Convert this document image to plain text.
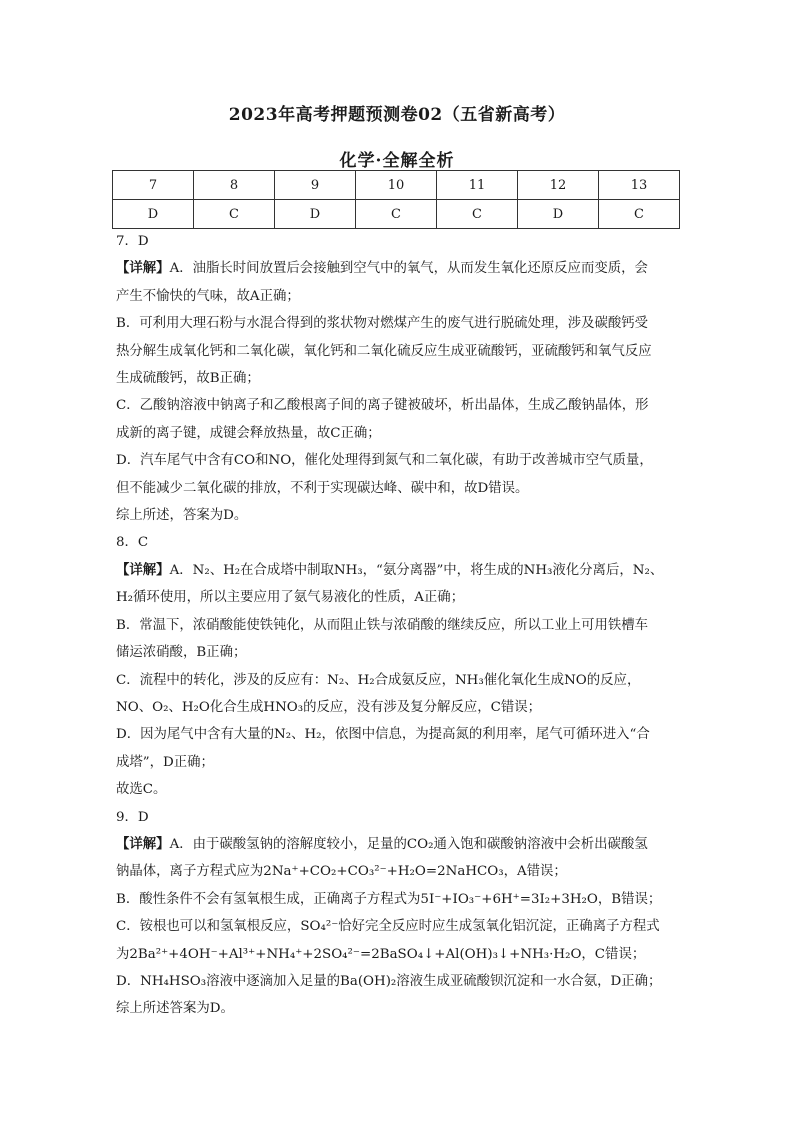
2023年高考押题预测卷02（五省新高考）
化学·全解全析
7	8	9	10	11	12	13
D	C	D	C	C	D	C

7．D

【详解】A．油脂长时间放置后会接触到空气中的氧气，从而发生氧化还原反应而变质，会

产生不愉快的气味，故A正确；

B．可利用大理石粉与水混合得到的浆状物对燃煤产生的废气进行脱硫处理，涉及碳酸钙受

热分解生成氧化钙和二氧化碳，氧化钙和二氧化硫反应生成亚硫酸钙，亚硫酸钙和氧气反应

生成硫酸钙，故B正确；

C．乙酸钠溶液中钠离子和乙酸根离子间的离子键被破坏，析出晶体，生成乙酸钠晶体，形

成新的离子键，成键会释放热量，故C正确；

D．汽车尾气中含有CO和NO，催化处理得到氮气和二氧化碳，有助于改善城市空气质量，

但不能减少二氧化碳的排放，不利于实现碳达峰、碳中和，故D错误。

综上所述，答案为D。

8．C

【详解】A．N₂、H₂在合成塔中制取NH₃，“氨分离器”中，将生成的NH₃液化分离后，N₂、

H₂循环使用，所以主要应用了氨气易液化的性质，A正确；

B．常温下，浓硝酸能使铁钝化，从而阻止铁与浓硝酸的继续反应，所以工业上可用铁槽车

储运浓硝酸，B正确；

C．流程中的转化，涉及的反应有：N₂、H₂合成氨反应，NH₃催化氧化生成NO的反应，

NO、O₂、H₂O化合生成HNO₃的反应，没有涉及复分解反应，C错误；

D．因为尾气中含有大量的N₂、H₂，依图中信息，为提高氮的利用率，尾气可循环进入“合

成塔”，D正确；

故选C。

9．D

【详解】A．由于碳酸氢钠的溶解度较小，足量的CO₂通入饱和碳酸钠溶液中会析出碳酸氢

钠晶体，离子方程式应为2Na⁺+CO₂+CO₃²⁻+H₂O=2NaHCO₃，A错误；

B．酸性条件不会有氢氧根生成，正确离子方程式为5I⁻+IO₃⁻+6H⁺=3I₂+3H₂O，B错误；

C．铵根也可以和氢氧根反应，SO₄²⁻恰好完全反应时应生成氢氧化铝沉淀，正确离子方程式

为2Ba²⁺+4OH⁻+Al³⁺+NH₄⁺+2SO₄²⁻=2BaSO₄↓+Al(OH)₃↓+NH₃·H₂O，C错误；

D．NH₄HSO₃溶液中逐滴加入足量的Ba(OH)₂溶液生成亚硫酸钡沉淀和一水合氨，D正确；

综上所述答案为D。
